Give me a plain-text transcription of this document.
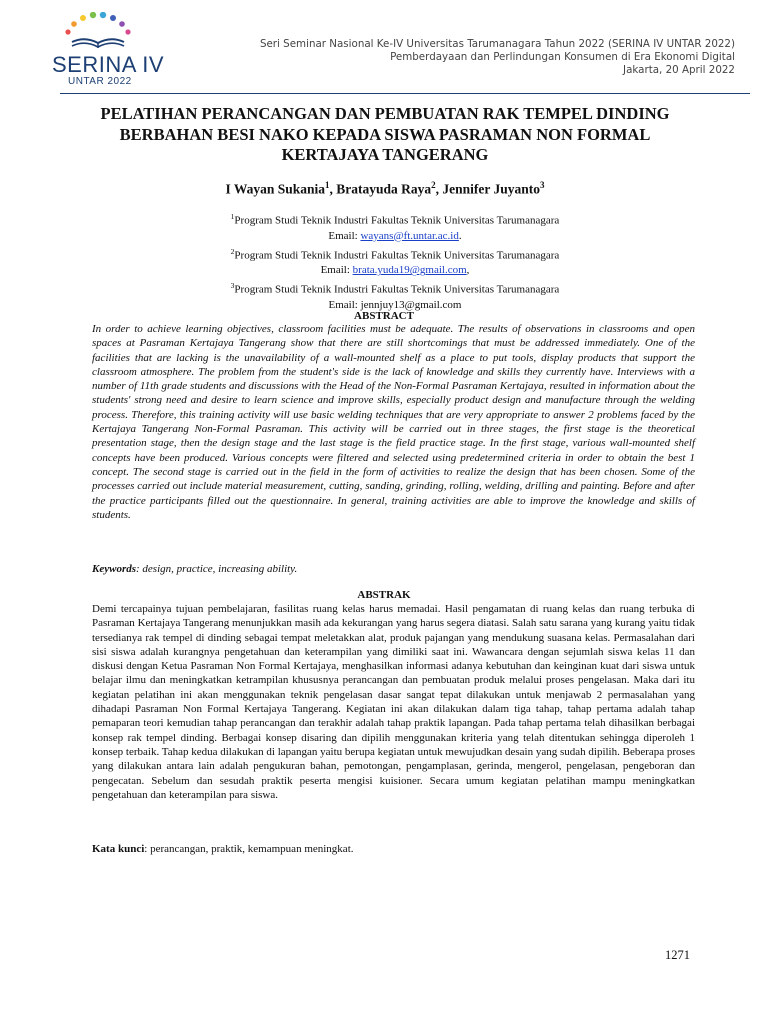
SERINA IV
UNTAR 2022
Seri Seminar Nasional Ke-IV Universitas Tarumanagara Tahun 2022 (SERINA IV UNTAR 2022)
Pemberdayaan dan Perlindungan Konsumen di Era Ekonomi Digital
Jakarta, 20 April 2022
PELATIHAN PERANCANGAN DAN PEMBUATAN RAK TEMPEL DINDING BERBAHAN BESI NAKO KEPADA SISWA PASRAMAN NON FORMAL KERTAJAYA TANGERANG
I Wayan Sukania$^1$, Bratayuda Raya$^2$, Jennifer Juyanto$^3$
$^1$Program Studi Teknik Industri Fakultas Teknik Universitas Tarumanagara
Email: wayans@ft.untar.ac.id.
$^2$Program Studi Teknik Industri Fakultas Teknik Universitas Tarumanagara
Email: brata.yuda19@gmail.com,
$^3$Program Studi Teknik Industri Fakultas Teknik Universitas Tarumanagara
Email: jennjuy13@gmail.com
ABSTRACT
In order to achieve learning objectives, classroom facilities must be adequate. The results of observations in classrooms and open spaces at Pasraman Kertajaya Tangerang show that there are still shortcomings that must be addressed immediately. One of the facilities that are lacking is the unavailability of a wall-mounted shelf as a place to put tools, display products that support the classroom atmosphere. The problem from the student's side is the lack of knowledge and skills they currently have. Interviews with a number of 11th grade students and discussions with the Head of the Non-Formal Pasraman Kertajaya, resulted in information about the students' strong need and desire to learn science and improve skills, especially product design and manufacture through the welding process. Therefore, this training activity will use basic welding techniques that are very appropriate to answer 2 problems faced by the Kertajaya Tangerang Non-Formal Pasraman. This activity will be carried out in three stages, the first stage is the theoretical presentation stage, then the design stage and the last stage is the field practice stage. In the first stage, various wall-mounted shelf concepts have been produced. Various concepts were filtered and selected using predetermined criteria in order to obtain the best 1 concept. The second stage is carried out in the field in the form of activities to realize the design that has been chosen. Some of the processes carried out include material measurement, cutting, sanding, grinding, rolling, welding, drilling and painting. Before and after the practice participants filled out the questionnaire. In general, training activities are able to improve the knowledge and skills of students.
Keywords: design, practice, increasing ability.
ABSTRAK
Demi tercapainya tujuan pembelajaran, fasilitas ruang kelas harus memadai. Hasil pengamatan di ruang kelas dan ruang terbuka di Pasraman Kertajaya Tangerang menunjukkan masih ada kekurangan yang harus segera diatasi. Salah satu sarana yang kurang yaitu tidak tersedianya rak tempel di dinding sebagai tempat meletakkan alat, produk pajangan yang mendukung suasana kelas. Permasalahan dari sisi siswa adalah kurangnya pengetahuan dan keterampilan yang dimiliki saat ini. Wawancara dengan sejumlah siswa kelas 11 dan diskusi dengan Ketua Pasraman Non Formal Kertajaya, menghasilkan informasi adanya kebutuhan dan keinginan kuat dari siswa untuk belajar ilmu dan meningkatkan ketrampilan khususnya perancangan dan pembuatan produk melalui proses pengelasan. Maka dari itu kegiatan pelatihan ini akan menggunakan teknik pengelasan dasar sangat tepat dilakukan untuk menjawab 2 permasalahan yang dihadapi Pasraman Non Formal Kertajaya Tangerang. Kegiatan ini akan dilakukan dalam tiga tahap, tahap pertama adalah tahap pemaparan teori kemudian tahap perancangan dan terakhir adalah tahap praktik lapangan. Pada tahap pertama telah dihasilkan berbagai konsep rak tempel dinding. Berbagai konsep disaring dan dipilih menggunakan kriteria yang telah ditentukan sehingga diperoleh 1 konsep terbaik. Tahap kedua dilakukan di lapangan yaitu berupa kegiatan untuk mewujudkan desain yang sudah dipilih. Beberapa proses yang dilakukan antara lain adalah pengukuran bahan, pemotongan, pengamplasan, gerinda, mengerol, pengelasan, pengeboran dan pengecatan. Sebelum dan sesudah praktik peserta mengisi kuisioner. Secara umum kegiatan pelatihan mampu meningkatkan pengetahuan dan keterampilan para siswa.
Kata kunci: perancangan, praktik, kemampuan meningkat.
1271
